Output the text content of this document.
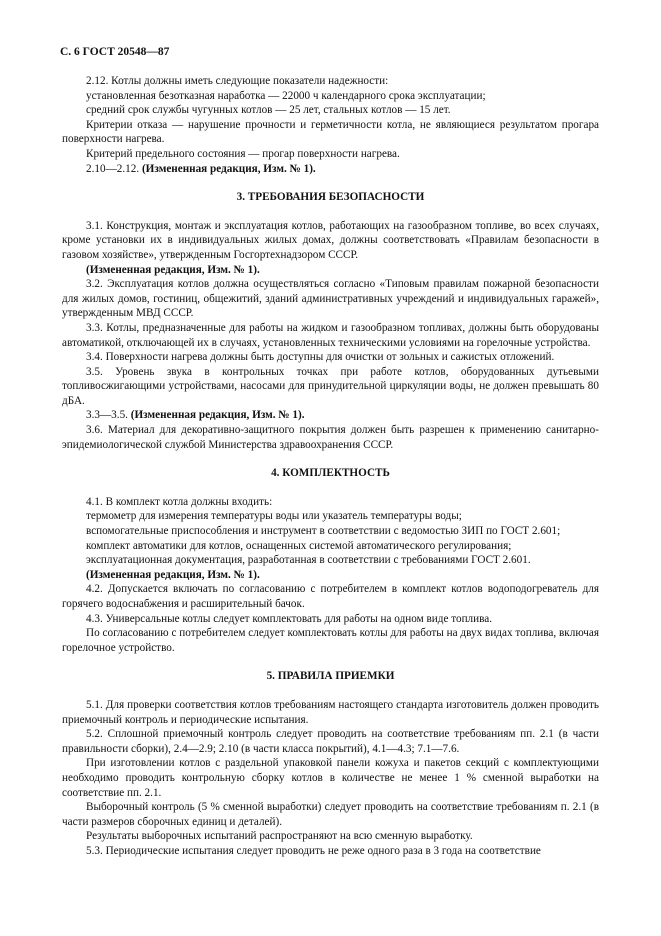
С. 6 ГОСТ 20548—87

2.12. Котлы должны иметь следующие показатели надежности:

установленная безотказная наработка — 22000 ч календарного срока эксплуатации;

средний срок службы чугунных котлов — 25 лет, стальных котлов — 15 лет.

Критерии отказа — нарушение прочности и герметичности котла, не являющиеся результатом прогара поверхности нагрева.

Критерий предельного состояния — прогар поверхности нагрева.

2.10—2.12. (Измененная редакция, Изм. № 1).

3. ТРЕБОВАНИЯ БЕЗОПАСНОСТИ

3.1. Конструкция, монтаж и эксплуатация котлов, работающих на газообразном топливе, во всех случаях, кроме установки их в индивидуальных жилых домах, должны соответствовать «Правилам безопасности в газовом хозяйстве», утвержденным Госгортехнадзором СССР.

(Измененная редакция, Изм. № 1).

3.2. Эксплуатация котлов должна осуществляться согласно «Типовым правилам пожарной безопасности для жилых домов, гостиниц, общежитий, зданий административных учреждений и индивидуальных гаражей», утвержденным МВД СССР.

3.3. Котлы, предназначенные для работы на жидком и газообразном топливах, должны быть оборудованы автоматикой, отключающей их в случаях, установленных техническими условиями на горелочные устройства.

3.4. Поверхности нагрева должны быть доступны для очистки от зольных и сажистых отложений.

3.5. Уровень звука в контрольных точках при работе котлов, оборудованных дутьевыми топливосжигающими устройствами, насосами для принудительной циркуляции воды, не должен превышать 80 дБА.

3.3—3.5. (Измененная редакция, Изм. № 1).

3.6. Материал для декоративно-защитного покрытия должен быть разрешен к применению санитарно-эпидемиологической службой Министерства здравоохранения СССР.

4. КОМПЛЕКТНОСТЬ

4.1. В комплект котла должны входить:

термометр для измерения температуры воды или указатель температуры воды;

вспомогательные приспособления и инструмент в соответствии с ведомостью ЗИП по ГОСТ 2.601;

комплект автоматики для котлов, оснащенных системой автоматического регулирования;

эксплуатационная документация, разработанная в соответствии с требованиями ГОСТ 2.601.

(Измененная редакция, Изм. № 1).

4.2. Допускается включать по согласованию с потребителем в комплект котлов водоподогреватель для горячего водоснабжения и расширительный бачок.

4.3. Универсальные котлы следует комплектовать для работы на одном виде топлива.

По согласованию с потребителем следует комплектовать котлы для работы на двух видах топлива, включая горелочное устройство.

5. ПРАВИЛА ПРИЕМКИ

5.1. Для проверки соответствия котлов требованиям настоящего стандарта изготовитель должен проводить приемочный контроль и периодические испытания.

5.2. Сплошной приемочный контроль следует проводить на соответствие требованиям пп. 2.1 (в части правильности сборки), 2.4—2.9; 2.10 (в части класса покрытий), 4.1—4.3; 7.1—7.6.

При изготовлении котлов с раздельной упаковкой панели кожуха и пакетов секций с комплектующими необходимо проводить контрольную сборку котлов в количестве не менее 1 % сменной выработки на соответствие пп. 2.1.

Выборочный контроль (5 % сменной выработки) следует проводить на соответствие требованиям п. 2.1 (в части размеров сборочных единиц и деталей).

Результаты выборочных испытаний распространяют на всю сменную выработку.

5.3. Периодические испытания следует проводить не реже одного раза в 3 года на соответствие
